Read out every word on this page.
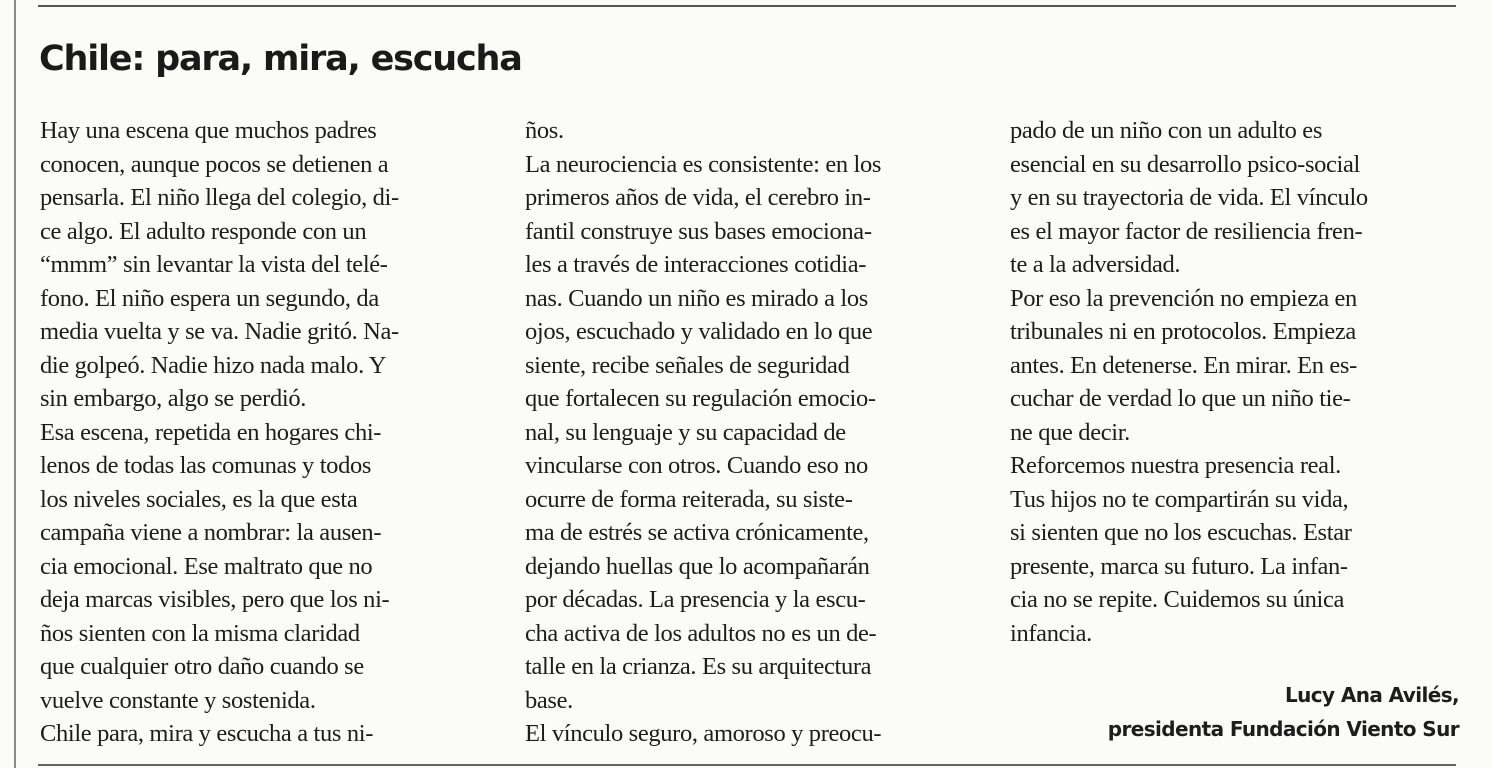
Chile: para, mira, escucha
Hay una escena que muchos padres
conocen, aunque pocos se detienen a
pensarla. El niño llega del colegio, di-
ce algo. El adulto responde con un
“mmm” sin levantar la vista del telé-
fono. El niño espera un segundo, da
media vuelta y se va. Nadie gritó. Na-
die golpeó. Nadie hizo nada malo. Y
sin embargo, algo se perdió.
Esa escena, repetida en hogares chi-
lenos de todas las comunas y todos
los niveles sociales, es la que esta
campaña viene a nombrar: la ausen-
cia emocional. Ese maltrato que no
deja marcas visibles, pero que los ni-
ños sienten con la misma claridad
que cualquier otro daño cuando se
vuelve constante y sostenida.
Chile para, mira y escucha a tus ni-
ños.
La neurociencia es consistente: en los
primeros años de vida, el cerebro in-
fantil construye sus bases emociona-
les a través de interacciones cotidia-
nas. Cuando un niño es mirado a los
ojos, escuchado y validado en lo que
siente, recibe señales de seguridad
que fortalecen su regulación emocio-
nal, su lenguaje y su capacidad de
vincularse con otros. Cuando eso no
ocurre de forma reiterada, su siste-
ma de estrés se activa crónicamente,
dejando huellas que lo acompañarán
por décadas. La presencia y la escu-
cha activa de los adultos no es un de-
talle en la crianza. Es su arquitectura
base.
El vínculo seguro, amoroso y preocu-
pado de un niño con un adulto es
esencial en su desarrollo psico-social
y en su trayectoria de vida. El vínculo
es el mayor factor de resiliencia fren-
te a la adversidad.
Por eso la prevención no empieza en
tribunales ni en protocolos. Empieza
antes. En detenerse. En mirar. En es-
cuchar de verdad lo que un niño tie-
ne que decir.
Reforcemos nuestra presencia real.
Tus hijos no te compartirán su vida,
si sienten que no los escuchas. Estar
presente, marca su futuro. La infan-
cia no se repite. Cuidemos su única
infancia.
Lucy Ana Avilés,
presidenta Fundación Viento Sur
